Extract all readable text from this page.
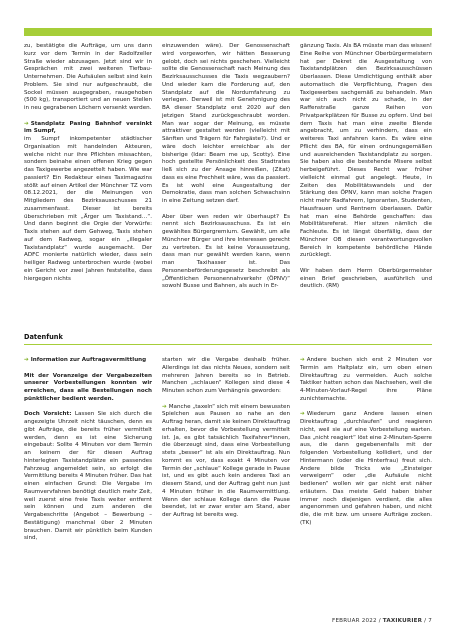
zu, bestätigte die Aufträge, um uns dann kurz vor dem Termin in der Radolfzeller Straße wieder abzusagen. Jetzt sind wir in Gesprächen mit zwei weiteren Tiefbau-Unternehmen. Die Aufsäulen selbst sind kein Problem. Sie sind nur aufgeschraubt, die Sockel müssen ausgegraben, rausgehoben (500 kg), transportiert und an neuen Stellen in neu gegrabenen Löchern versenkt werden.

➔ Standplatz Pasing Bahnhof versinkt im Sumpf,

im Sumpf inkompetenter städtischer Organisation mit handelnden Akteuren, welche nicht nur ihre Pflichten missachten, sondern beinahe einen offenen Krieg gegen das Taxigewerbe angezettelt haben. Wie war passiert? Ein Redakteur eines Taximagazins stößt auf einen Artikel der Münchner TZ vom 08.12.2021, der die Meinungen von Mitgliedern des Bezirksausschusses 21 zusammenfasst. Dieser ist bereits überschrieben mit „Ärger um Taxistand…“. Und dann beginnt die Orgie der Vorwürfe: Taxis stehen auf dem Gehweg, Taxis stehen auf dem Radweg, sogar ein „illegaler Taxistandplatz“ wurde ausgemacht. Der ADFC monierte natürlich wieder, dass sein heiliger Radweg unterbrochen wurde (wobei ein Gericht vor zwei Jahren feststellte, dass hiergegen nichts

einzuwenden wäre). Der Genossenschaft wird vorgeworfen, wir hätten Besserung gelobt, doch sei nichts geschehen. Vielleicht sollte die Genossenschaft nach Meinung des Bezirksausschusses die Taxis wegzaubern? Und wieder kam die Forderung auf, den Standplatz auf die Nordumfahrung zu verlegen. Derweil ist mit Genehmigung des BA dieser Standplatz erst 2020 auf den jetzigen Stand zurückgeschraubt worden. Man war sogar der Meinung, es müsste attraktiver gestaltet werden (vielleicht mit Sänften und Trägern für Fahrgäste?). Und er wäre doch leichter erreichbar als der bisherige (Idar: Beam me up, Scotty). Eine hoch gestellte Persönlichkeit des Stadtrates ließ sich zu der Ansage hinreißen, (Zitat) dass es eine Frechheit wäre, was da passiert. Es ist wohl eine Ausgestaltung der Demokratie, dass man solchen Schwachsinn in eine Zeitung setzen darf.

Aber über wen reden wir überhaupt? Es nennt sich Bezirksausschuss. Es ist ein gewähltes Bürgergremium. Gewählt, um alle Münchner Bürger und ihre Interessen gerecht zu vertreten. Es ist keine Voraussetzung, dass man nur gewählt werden kann, wenn man Taxihasser ist. Das Personenbeförderungsgesetz beschreibt als „Öffentlichen Personennahverkehr (ÖPNV)“ sowohl Busse und Bahnen, als auch in Er-

gänzung Taxis. Als BA müsste man das wissen! Eine Reihe von Münchner Oberbürgermeistern hat per Dekret die Ausgestaltung von Taxistandplätzen den Bezirksausschüssen überlassen. Diese Umdichtigung enthält aber automatisch die Verpflichtung, Fragen des Taxigewerbes sachgemäß zu behandeln. Man war sich auch nicht zu schade, in der Raffenstraße ganze Reihen von Privatparkplätzen für Busse zu opfern. Und bei dem Taxis hat man eine zweite Blende angebracht, um zu verhindern, dass ein weiteres Taxi anfahren kann. Es wäre eine Pflicht des BA, für einen ordnungsgemäßen und ausreichenden Taxistandplatz zu sorgen. Sie haben also die bestehende Misere selbst herbeigeführt. Dieses Recht war früher vielleicht einmal gut angelegt. Heute, in Zeiten des Mobilitätswandels und der Stärkung des ÖPNV, kann man solche Fragen nicht mehr Radfahrern, Ignoranten, Studenten, Hausfrauen und Rentnern überlassen. Dafür hat man eine Behörde geschaffen: das Mobilitätsreferat. Hier sitzen nämlich die Fachleute. Es ist längst überfällig, dass der Münchner OB diesen verantwortungsvollen Bereich in kompetente behördliche Hände zurücklegt.

Wir haben dem Herrn Oberbürgermeister einen Brief geschrieben, ausführlich und deutlich. (RM)

Datenfunk

➔ Information zur Auftragsvermittlung

Mit der Voranzeige der Vergabezeiten unserer Vorbestellungen konnten wir erreichen, dass alle Bestellungen noch pünktlicher bedient werden.

Doch Vorsicht: Lassen Sie sich durch die angezeigte Uhrzeit nicht täuschen, denn es gibt Aufträge, die bereits früher vermittelt werden, denn es ist eine Sicherung eingebaut: Sollte 4 Minuten vor dem Termin an keinem der für diesen Auftrag hinterlegten Taxistandplätze ein passendes Fahrzeug angemeldet sein, so erfolgt die Vermittlung bereits 4 Minuten früher. Das hat einen einfachen Grund: Die Vergabe im Raumvervfahren benötigt deutlich mehr Zeit, weil zuerst eine freie Taxis weiter entfernt sein können und zum anderen die Vergabeschritte (Angebot – Bewerbung – Bestätigung) manchmal über 2 Minuten brauchen. Damit wir pünktlich beim Kunden sind,

starten wir die Vergabe deshalb früher. Allerdings ist das nichts Neues, sondern seit mehreren Jahren bereits so in Betrieb. Manchen „schlauen“ Kollegen sind diese 4 Minuten schon zum Verhängnis geworden:

➔ Manche „taxeln“ sich mit einem bewussten Spielchen aus Pausen so nahe an den Auftrag heran, damit sie keinen Direktauftrag erhalten, bevor die Vorbestellung vermittelt ist. Ja, es gibt tatsächlich Taxifahrer*innen, die überzeugt sind, dass eine Vorbestellung stets „besser“ ist als ein Direktauftrag. Nun kommt es vor, dass exakt 4 Minuten vor Termin der „schlaue“ Kollege gerade in Pause ist, und es gibt auch kein anderes Taxi an diesem Stand, und der Auftrag geht nun just 4 Minuten früher in die Raumvermittlung. Wenn der schlaue Kollege dann die Pause beendet, ist er zwar erster am Stand, aber der Auftrag ist bereits weg.

➔ Andere buchen sich erst 2 Minuten vor Termin am Haltplatz ein, um oben einen Direktauftrag zu vermeiden. Auch solche Taktiker hatten schon das Nachsehen, weil die 4-Minuten-Vorlauf-Regel ihre Pläne zunichtemachte.

➔ Wiederum ganz Andere lassen einen Direktauftrag „durchlaufen“ und reagieren nicht, weil sie auf eine Vorbestellung warten. Das „nicht reagiert“ löst eine 2-Minuten-Sperre aus, die dann gegebenenfalls mit der folgenden Vorbestellung kollidiert, und der Hintermann (oder die Hinterfrau) freut sich. Andere bilde Tricks wie „Einsteiger verweigern“ oder „die Aufsäule nicht bedienen“ wollen wir gar nicht erst näher erläutern. Das meiste Geld haben bisher immer noch diejenigen verdient, die alles angenommen und gefahren haben, und nicht die, die mit bzw. um unsere Aufträge zocken. (TK)

FEBRUAR 2022 / TAXIKURIER / 7
